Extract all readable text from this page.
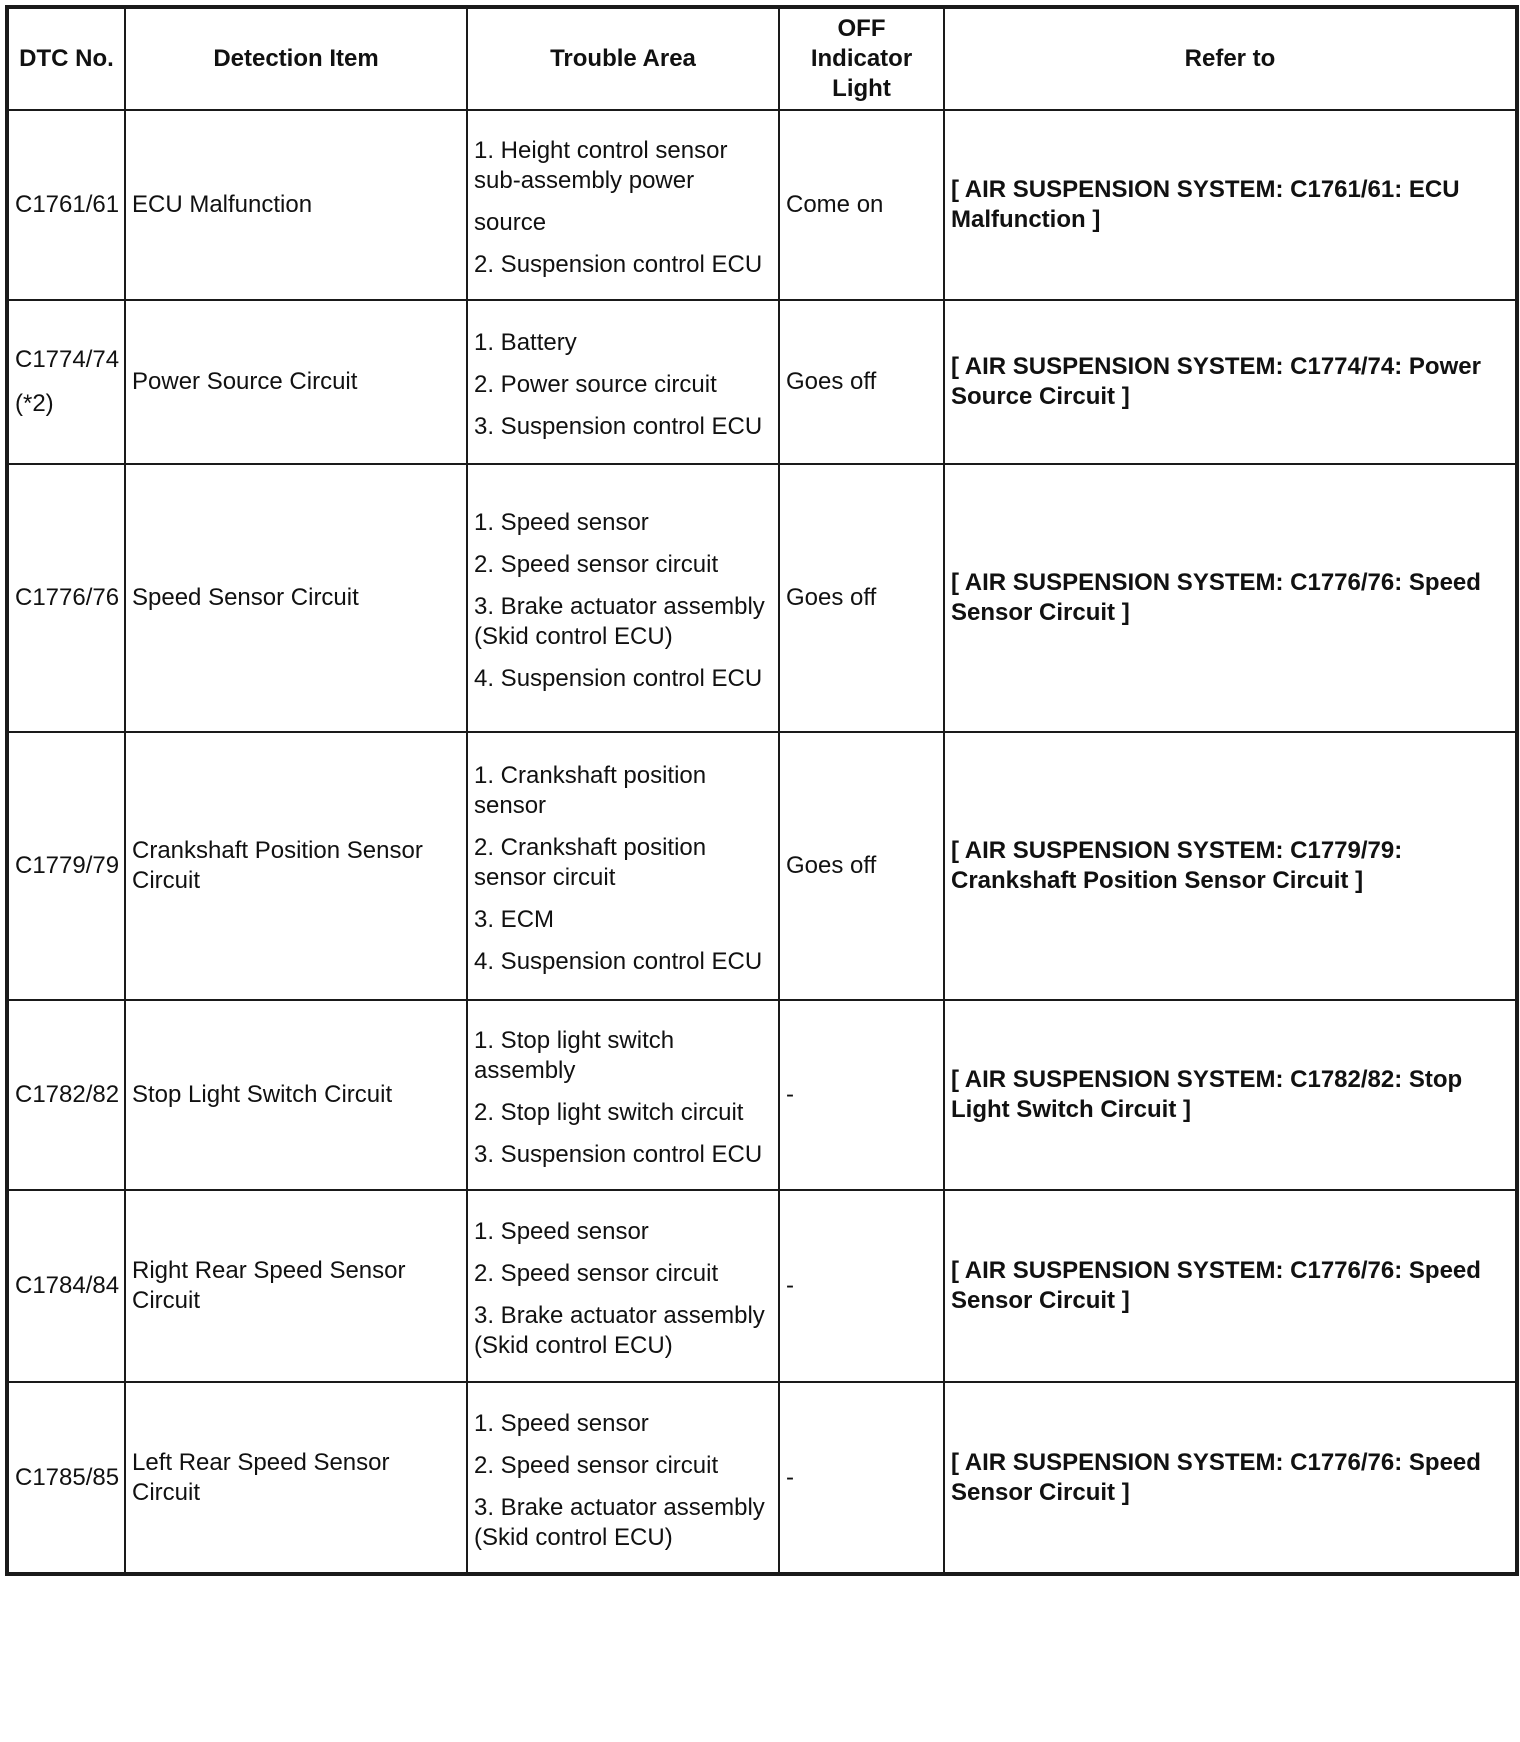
DTC No.	Detection Item	Trouble Area	OFF
Indicator
Light	Refer to
C1761/61	ECU Malfunction	1. Height control sensor sub-assembly power
source
2. Suspension control ECU	Come on	[ AIR SUSPENSION SYSTEM: C1761/61: ECU Malfunction ]

C1774/74
(*2)	Power Source Circuit	1. Battery
2. Power source circuit
3. Suspension control ECU	Goes off	[ AIR SUSPENSION SYSTEM: C1774/74: Power Source Circuit ]
C1776/76	Speed Sensor Circuit	1. Speed sensor
2. Speed sensor circuit
3. Brake actuator assembly (Skid control ECU)
4. Suspension control ECU	Goes off	[ AIR SUSPENSION SYSTEM: C1776/76: Speed Sensor Circuit ]
C1779/79	Crankshaft Position Sensor Circuit	1. Crankshaft position sensor
2. Crankshaft position sensor circuit
3. ECM
4. Suspension control ECU	Goes off	[ AIR SUSPENSION SYSTEM: C1779/79: Crankshaft Position Sensor Circuit ]
C1782/82	Stop Light Switch Circuit	1. Stop light switch assembly
2. Stop light switch circuit
3. Suspension control ECU	-	[ AIR SUSPENSION SYSTEM: C1782/82: Stop Light Switch Circuit ]
C1784/84	Right Rear Speed Sensor Circuit	1. Speed sensor
2. Speed sensor circuit
3. Brake actuator assembly (Skid control ECU)	-	[ AIR SUSPENSION SYSTEM: C1776/76: Speed Sensor Circuit ]
C1785/85	Left Rear Speed Sensor Circuit	1. Speed sensor
2. Speed sensor circuit
3. Brake actuator assembly (Skid control ECU)	-	[ AIR SUSPENSION SYSTEM: C1776/76: Speed Sensor Circuit ]
